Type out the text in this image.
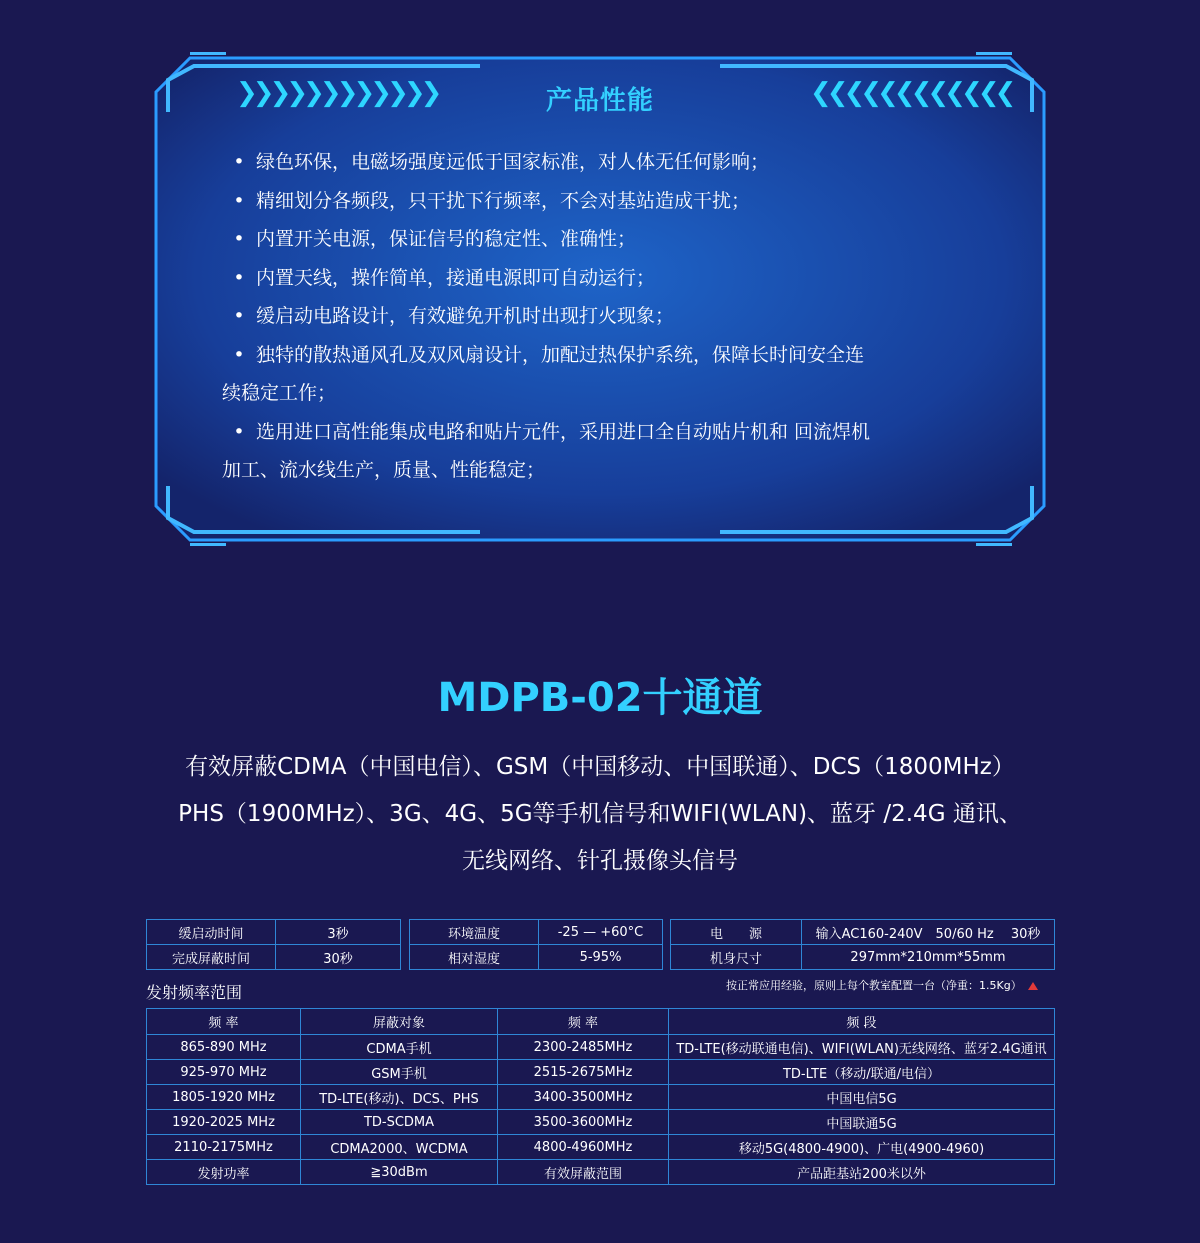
❯❯❯❯❯❯❯❯❯❯❯❯	产品性能	❮❮❮❮❮❮❮❮❮❮❮❮
• 绿色环保，电磁场强度远低于国家标准，对人体无任何影响；
• 精细划分各频段，只干扰下行频率，不会对基站造成干扰；
• 内置开关电源，保证信号的稳定性、准确性；
• 内置天线，操作简单，接通电源即可自动运行；
• 缓启动电路设计，有效避免开机时出现打火现象；
• 独特的散热通风孔及双风扇设计，加配过热保护系统，保障长时间安全连
续稳定工作；
• 选用进口高性能集成电路和贴片元件，采用进口全自动贴片机和 回流焊机
加工、流水线生产，质量、性能稳定；
MDPB-02十通道
有效屏蔽CDMA（中国电信）、GSM（中国移动、中国联通）、DCS（1800MHz）
PHS（1900MHz）、3G、4G、5G等手机信号和WIFI(WLAN)、蓝牙 /2.4G 通讯、
无线网络、针孔摄像头信号
缓启动时间	3秒
完成屏蔽时间	30秒
环境温度	-25 — +60°C
相对湿度	5-95%
电　　源	输入AC160-240V　50/60 Hz　 30秒
机身尺寸	297mm*210mm*55mm
发射频率范围	按正常应用经验，原则上每个教室配置一台（净重：1.5Kg）
频 率	屏蔽对象	频 率	频 段
865-890 MHz	CDMA手机	2300-2485MHz	TD-LTE(移动联通电信)、WIFI(WLAN)无线网络、蓝牙2.4G通讯
925-970 MHz	GSM手机	2515-2675MHz	TD-LTE（移动/联通/电信）
1805-1920 MHz	TD-LTE(移动)、DCS、PHS	3400-3500MHz	中国电信5G
1920-2025 MHz	TD-SCDMA	3500-3600MHz	中国联通5G
2110-2175MHz	CDMA2000、WCDMA	4800-4960MHz	移动5G(4800-4900)、广电(4900-4960)
发射功率	≧30dBm	有效屏蔽范围	产品距基站200米以外
